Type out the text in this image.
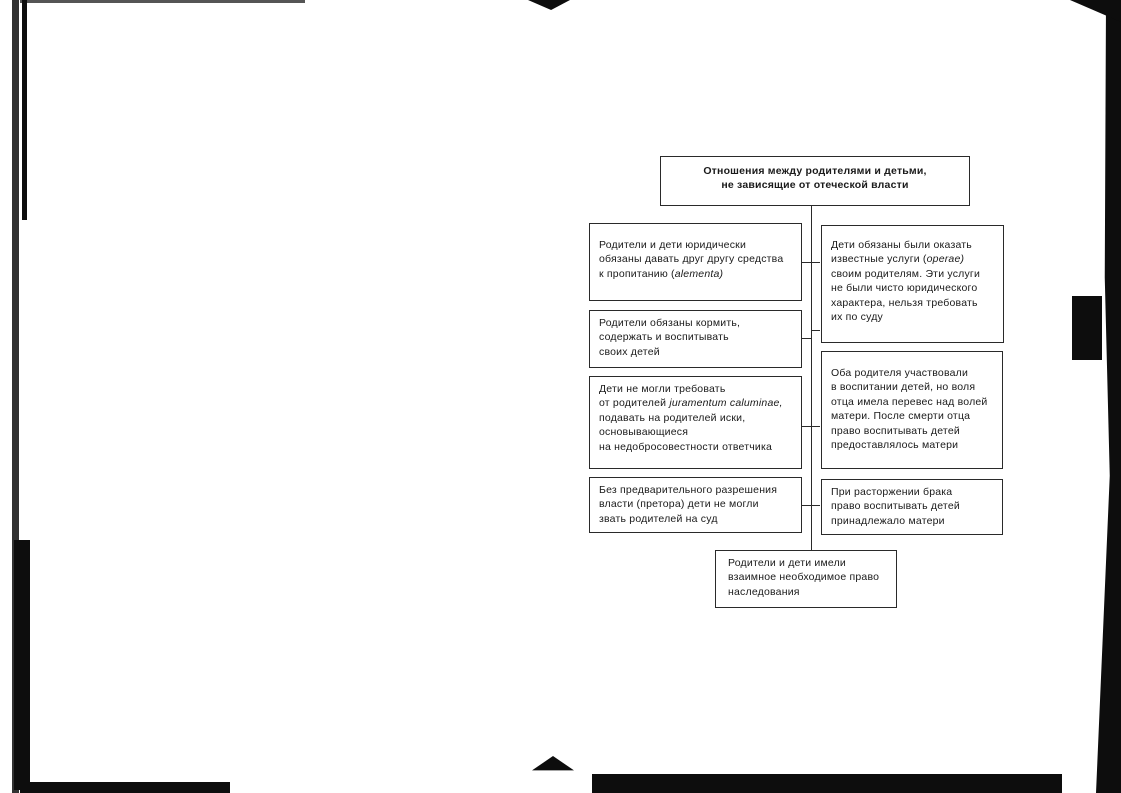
Отношения между родителями и детьми,
не зависящие от отеческой власти
Родители и дети юридически
обязаны давать друг другу средства
к пропитанию (alementa)
Родители обязаны кормить,
содержать и воспитывать
своих детей
Дети не могли требовать
от родителей juramentum caluminae,
подавать на родителей иски,
основывающиеся
на недобросовестности ответчика
Без предварительного разрешения
власти (претора) дети не могли
звать родителей на суд
Дети обязаны были оказать
известные услуги (operae)
своим родителям. Эти услуги
не были чисто юридического
характера, нельзя требовать
их по суду
Оба родителя участвовали
в воспитании детей, но воля
отца имела перевес над волей
матери. После смерти отца
право воспитывать детей
предоставлялось матери
При расторжении брака
право воспитывать детей
принадлежало матери
Родители и дети имели
взаимное необходимое право
наследования
